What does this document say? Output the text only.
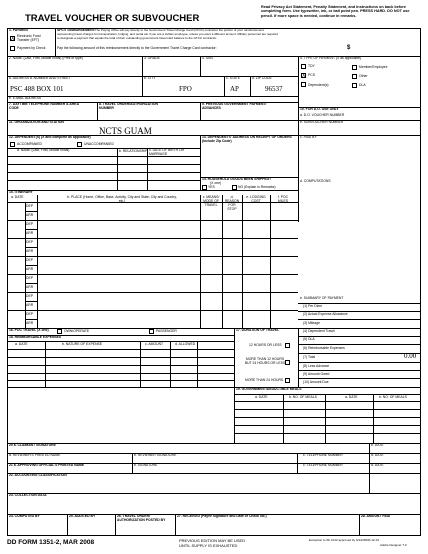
TRAVEL VOUCHER OR SUBVOUCHER
Read Privacy Act Statement, Penalty Statement, and Instructions on back before completing form. Use typewriter, ink, or ball point pen. PRESS HARD. DO NOT use pencil. If more space is needed, continue in remarks.
1. PAYMENT
X Electronic Fund Transfer (EFT)
Payment by Check
SPLIT DISBURSEMENT: The Paying Office will pay directly to the Government Travel Charge Card (GTCC) contractor the portion of your reimbursement
representing travel charges for transportation, lodging, and rental car if you are a civilian employee, unless you elect a different amount. Military personnel are required
to designate a payment that equals the total of their outstanding government travel card balance to the GTCC contractor.
Pay the following amount of this reimbursement directly to the Government Travel Charge Card contractor:	$
2. NAME (Last, First, Middle Initial) (Print or type)	3. GRADE	4. SSN	5. TYPE OF PAYMENT (X as applicable)
TDY
X PCS
Member/Employee
Other
Dependent(s)	DLA
6. ADDRESS a. NUMBER AND STREET	b. CITY	c. STATE	d. ZIP CODE
PSC 488 BOX 101	FPO	AP	96537
e. E-MAIL ADDRESS
10. FOR D.O. USE ONLY
7. DAYTIME TELEPHONE NUMBER & AREA CODE
8. TRAVEL ORDER/AUTHORIZATION NUMBER
9. PREVIOUS GOVERNMENT PAYMENT/ ADVANCES
a. D.O. VOUCHER NUMBER
11. ORGANIZATION AND STATION
NCTS GUAM
b. SUBVOUCHER NUMBER
12. DEPENDENT(S) (X and complete as applicable)
ACCOMPANIED	UNACCOMPANIED
a. NAME (Last, First, Middle Initial)	b. RELATIONSHIP c. DATE OF BIRTH OR MARRIAGE
13. DEPENDENTS' ADDRESS ON RECEIPT OF ORDERS (Include Zip Code)
c. PAID BY
14. HOUSEHOLD GOODS BEEN SHIPPED?
(X one)
YES	NO (Explain in Remarks)
d. COMPUTATIONS
15. ITINERARY
a. DATE	b. PLACE (Home, Office, Base, Activity, City and State; City and Country, etc.)
c. MEANS/ MODE OF TRAVEL
d. REASON FOR STOP
e. LODGING COST
f. POC MILES
DEP
ARR
DEP
ARR
DEP
ARR
DEP
ARR
DEP
ARR
DEP
ARR
DEP
ARR
e. SUMMARY OF PAYMENT
(1) Per Diem
(2) Actual Expense Allowance
(3) Mileage
(4) Dependent Travel
(5) DLA
(6) Reimbursable Expenses
(7) Total	0.00
(8) Less Advance
(9) Amount Owed
(10) Amount Due
16. POC TRAVEL (X one)	OWN/OPERATE	PASSENGER	17. DURATION OF TRAVEL
18. REIMBURSABLE EXPENSES
a. DATE	b. NATURE OF EXPENSE	c. AMOUNT	d. ALLOWED	12 HOURS OR LESS
MORE THAN 12 HOURS BUT 24 HOURS OR LESS
MORE THAN 24 HOURS
19. GOVERNMENT/DEDUCTIBLE MEALS
a. DATE	b. NO. OF MEALS	a. DATE	b. NO. OF MEALS
20 a. CLAIMANT SIGNATURE	b. DATE
a. REVIEWER'S PRINTED NAME	b. REVIEWER SIGNATURE	c. TELEPHONE NUMBER	d. DATE
21 a. APPROVING OFFICIAL'S PRINTED NAME	b. SIGNATURE	c. TELEPHONE NUMBER	d. DATE
22. ACCOUNTING CLASSIFICATION
23. COLLECTION DATA
24. COMPUTED BY	25. AUDITED BY	26. TRAVEL ORDER/ AUTHORIZATION POSTED BY
27. RECEIVED (Payee Signature and Date or Check No.)	28. AMOUNT PAID
DD FORM 1351-2, MAR 2008	PREVIOUS EDITION MAY BE USED
UNTIL SUPPLY IS EXHAUSTED
Exception to SF 1012 approved by GSA/IRMS 12-01
Adobe Designer 7.0
